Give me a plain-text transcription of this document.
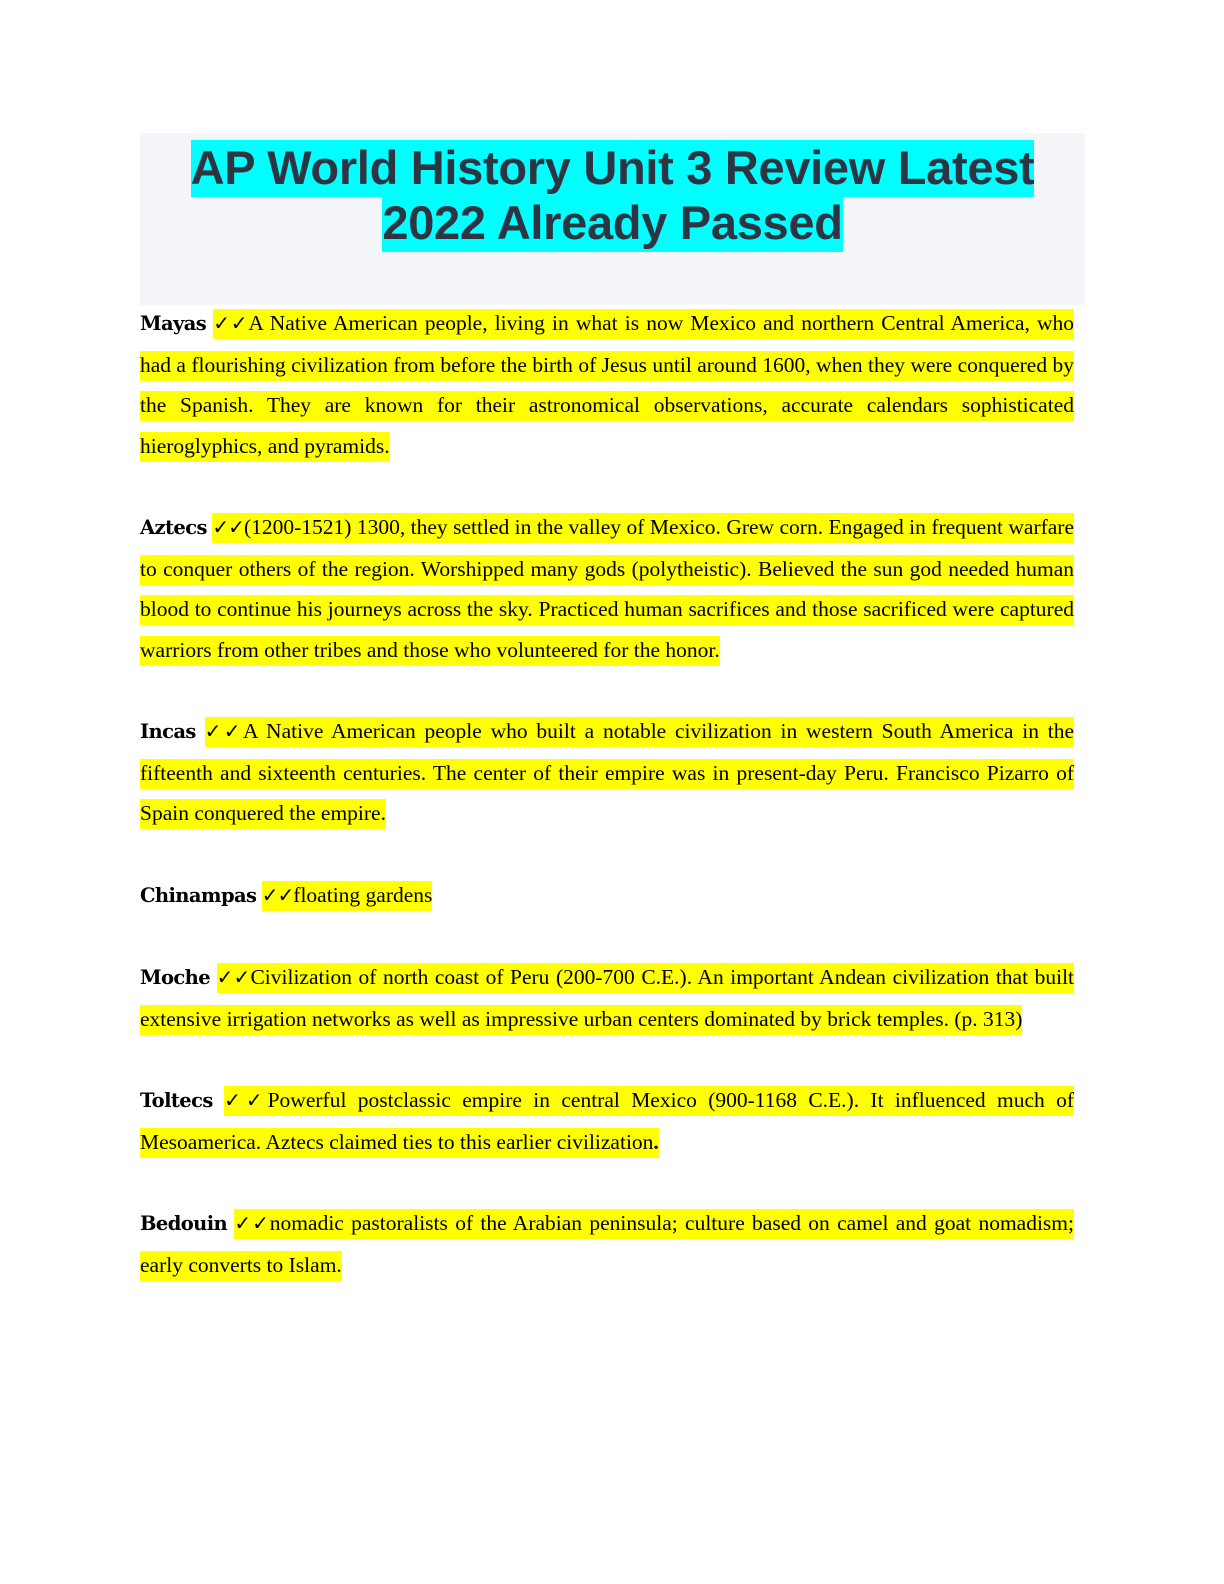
AP World History Unit 3 Review Latest
2022 Already Passed

Mayas ✓✓A Native American people, living in what is now Mexico and northern Central America, who had a flourishing civilization from before the birth of Jesus until around 1600, when they were conquered by the Spanish. They are known for their astronomical observations, accurate calendars sophisticated hieroglyphics, and pyramids.

Aztecs ✓✓(1200-1521) 1300, they settled in the valley of Mexico. Grew corn. Engaged in frequent warfare to conquer others of the region. Worshipped many gods (polytheistic). Believed the sun god needed human blood to continue his journeys across the sky. Practiced human sacrifices and those sacrificed were captured warriors from other tribes and those who volunteered for the honor.

Incas ✓✓A Native American people who built a notable civilization in western South America in the fifteenth and sixteenth centuries. The center of their empire was in present-day Peru. Francisco Pizarro of Spain conquered the empire.

Chinampas ✓✓floating gardens

Moche ✓✓Civilization of north coast of Peru (200-700 C.E.). An important Andean civilization that built extensive irrigation networks as well as impressive urban centers dominated by brick temples. (p. 313)

Toltecs ✓✓Powerful postclassic empire in central Mexico (900-1168 C.E.). It influenced much of Mesoamerica. Aztecs claimed ties to this earlier civilization.

Bedouin ✓✓nomadic pastoralists of the Arabian peninsula; culture based on camel and goat nomadism; early converts to Islam.
